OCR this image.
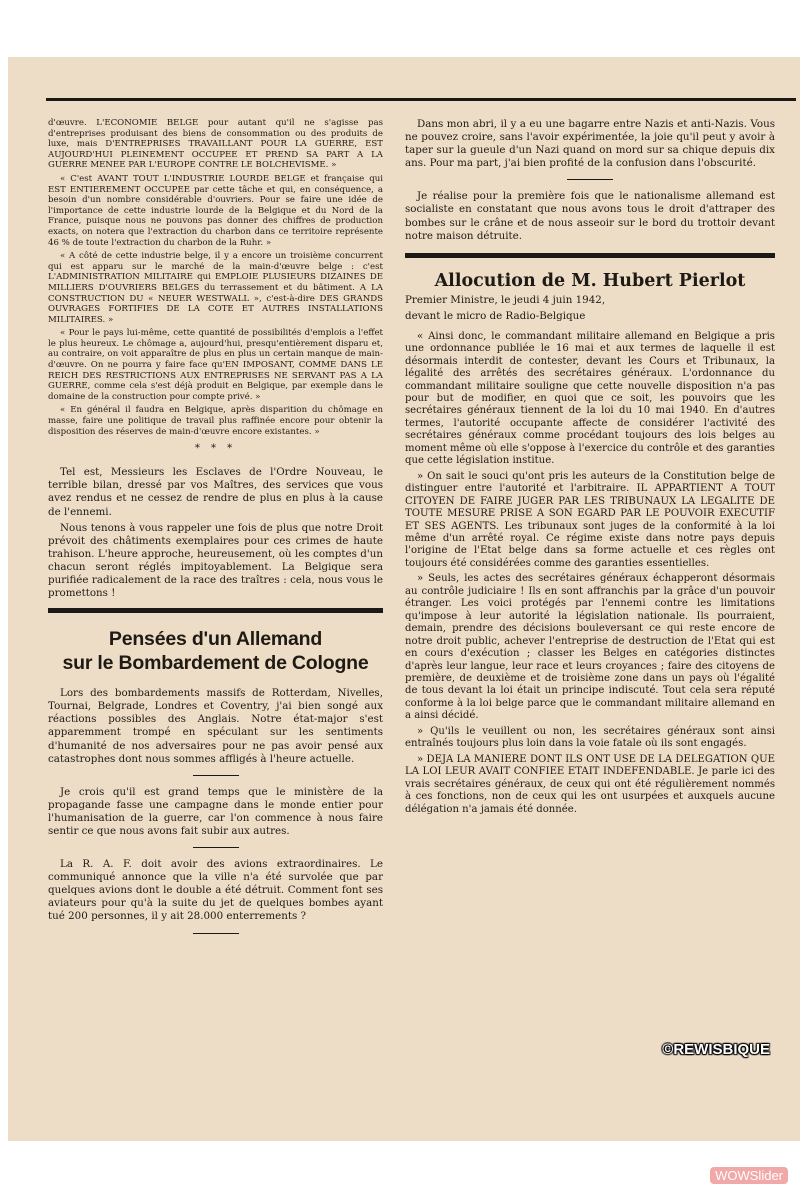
d'œuvre. L'ECONOMIE BELGE pour autant qu'il ne s'agisse pas d'entreprises produisant des biens de consommation ou des produits de luxe, mais D'ENTREPRISES TRAVAILLANT POUR LA GUERRE, EST AUJOURD'HUI PLEINEMENT OCCUPEE ET PREND SA PART A LA GUERRE MENEE PAR L'EUROPE CONTRE LE BOLCHEVISME. »

« C'est AVANT TOUT L'INDUSTRIE LOURDE BELGE et française qui EST ENTIEREMENT OCCUPEE par cette tâche et qui, en conséquence, a besoin d'un nombre considérable d'ouvriers. Pour se faire une idée de l'importance de cette industrie lourde de la Belgique et du Nord de la France, puisque nous ne pouvons pas donner des chiffres de production exacts, on notera que l'extraction du charbon dans ce territoire représente 46 % de toute l'extraction du charbon de la Ruhr. »

« A côté de cette industrie belge, il y a encore un troisième concurrent qui est apparu sur le marché de la main-d'œuvre belge : c'est L'ADMINISTRATION MILITAIRE qui EMPLOIE PLUSIEURS DIZAINES DE MILLIERS D'OUVRIERS BELGES du terrassement et du bâtiment. A LA CONSTRUCTION DU « NEUER WESTWALL », c'est-à-dire DES GRANDS OUVRAGES FORTIFIES DE LA COTE ET AUTRES INSTALLATIONS MILITAIRES. »

« Pour le pays lui-même, cette quantité de possibilités d'emplois a l'effet le plus heureux. Le chômage a, aujourd'hui, presqu'entièrement disparu et, au contraire, on voit apparaître de plus en plus un certain manque de main-d'œuvre. On ne pourra y faire face qu'EN IMPOSANT, COMME DANS LE REICH DES RESTRICTIONS AUX ENTREPRISES NE SERVANT PAS A LA GUERRE, comme cela s'est déjà produit en Belgique, par exemple dans le domaine de la construction pour compte privé. »

« En général il faudra en Belgique, après disparition du chômage en masse, faire une politique de travail plus raffinée encore pour obtenir la disposition des réserves de main-d'œuvre encore existantes. »

* * *

Tel est, Messieurs les Esclaves de l'Ordre Nouveau, le terrible bilan, dressé par vos Maîtres, des services que vous avez rendus et ne cessez de rendre de plus en plus à la cause de l'ennemi.

Nous tenons à vous rappeler une fois de plus que notre Droit prévoit des châtiments exemplaires pour ces crimes de haute trahison. L'heure approche, heureusement, où les comptes d'un chacun seront réglés impitoyablement. La Belgique sera purifiée radicalement de la race des traîtres : cela, nous vous le promettons !

Pensées d'un Allemand
sur le Bombardement de Cologne

Lors des bombardements massifs de Rotterdam, Nivelles, Tournai, Belgrade, Londres et Coventry, j'ai bien songé aux réactions possibles des Anglais. Notre état-major s'est apparemment trompé en spéculant sur les sentiments d'humanité de nos adversaires pour ne pas avoir pensé aux catastrophes dont nous sommes affligés à l'heure actuelle.

Je crois qu'il est grand temps que le ministère de la propagande fasse une campagne dans le monde entier pour l'humanisation de la guerre, car l'on commence à nous faire sentir ce que nous avons fait subir aux autres.

La R. A. F. doit avoir des avions extraordinaires. Le communiqué annonce que la ville n'a été survolée que par quelques avions dont le double a été détruit. Comment font ses aviateurs pour qu'à la suite du jet de quelques bombes ayant tué 200 personnes, il y ait 28.000 enterrements ?

Dans mon abri, il y a eu une bagarre entre Nazis et anti-Nazis. Vous ne pouvez croire, sans l'avoir expérimentée, la joie qu'il peut y avoir à taper sur la gueule d'un Nazi quand on mord sur sa chique depuis dix ans. Pour ma part, j'ai bien profité de la confusion dans l'obscurité.

Je réalise pour la première fois que le nationalisme allemand est socialiste en constatant que nous avons tous le droit d'attraper des bombes sur le crâne et de nous asseoir sur le bord du trottoir devant notre maison détruite.

Allocution de M. Hubert Pierlot

Premier Ministre, le jeudi 4 juin 1942,

devant le micro de Radio-Belgique

« Ainsi donc, le commandant militaire allemand en Belgique a pris une ordonnance publiée le 16 mai et aux termes de laquelle il est désormais interdit de contester, devant les Cours et Tribunaux, la légalité des arrêtés des secrétaires généraux. L'ordonnance du commandant militaire souligne que cette nouvelle disposition n'a pas pour but de modifier, en quoi que ce soit, les pouvoirs que les secrétaires généraux tiennent de la loi du 10 mai 1940. En d'autres termes, l'autorité occupante affecte de considérer l'activité des secrétaires généraux comme procédant toujours des lois belges au moment même où elle s'oppose à l'exercice du contrôle et des garanties que cette législation institue.

» On sait le souci qu'ont pris les auteurs de la Constitution belge de distinguer entre l'autorité et l'arbitraire. IL APPARTIENT A TOUT CITOYEN DE FAIRE JUGER PAR LES TRIBUNAUX LA LEGALITE DE TOUTE MESURE PRISE A SON EGARD PAR LE POUVOIR EXECUTIF ET SES AGENTS. Les tribunaux sont juges de la conformité à la loi même d'un arrêté royal. Ce régime existe dans notre pays depuis l'origine de l'Etat belge dans sa forme actuelle et ces règles ont toujours été considérées comme des garanties essentielles.

» Seuls, les actes des secrétaires généraux échapperont désormais au contrôle judiciaire ! Ils en sont affranchis par la grâce d'un pouvoir étranger. Les voici protégés par l'ennemi contre les limitations qu'impose à leur autorité la législation nationale. Ils pourraient, demain, prendre des décisions bouleversant ce qui reste encore de notre droit public, achever l'entreprise de destruction de l'Etat qui est en cours d'exécution ; classer les Belges en catégories distinctes d'après leur langue, leur race et leurs croyances ; faire des citoyens de première, de deuxième et de troisième zone dans un pays où l'égalité de tous devant la loi était un principe indiscuté. Tout cela sera réputé conforme à la loi belge parce que le commandant militaire allemand en a ainsi décidé.

» Qu'ils le veuillent ou non, les secrétaires généraux sont ainsi entraînés toujours plus loin dans la voie fatale où ils sont engagés.

» DEJA LA MANIERE DONT ILS ONT USE DE LA DELEGATION QUE LA LOI LEUR AVAIT CONFIEE ETAIT INDEFENDABLE. Je parle ici des vrais secrétaires généraux, de ceux qui ont été régulièrement nommés à ces fonctions, non de ceux qui les ont usurpées et auxquels aucune délégation n'a jamais été donnée.

©REWISBIQUE
WOWSlider
